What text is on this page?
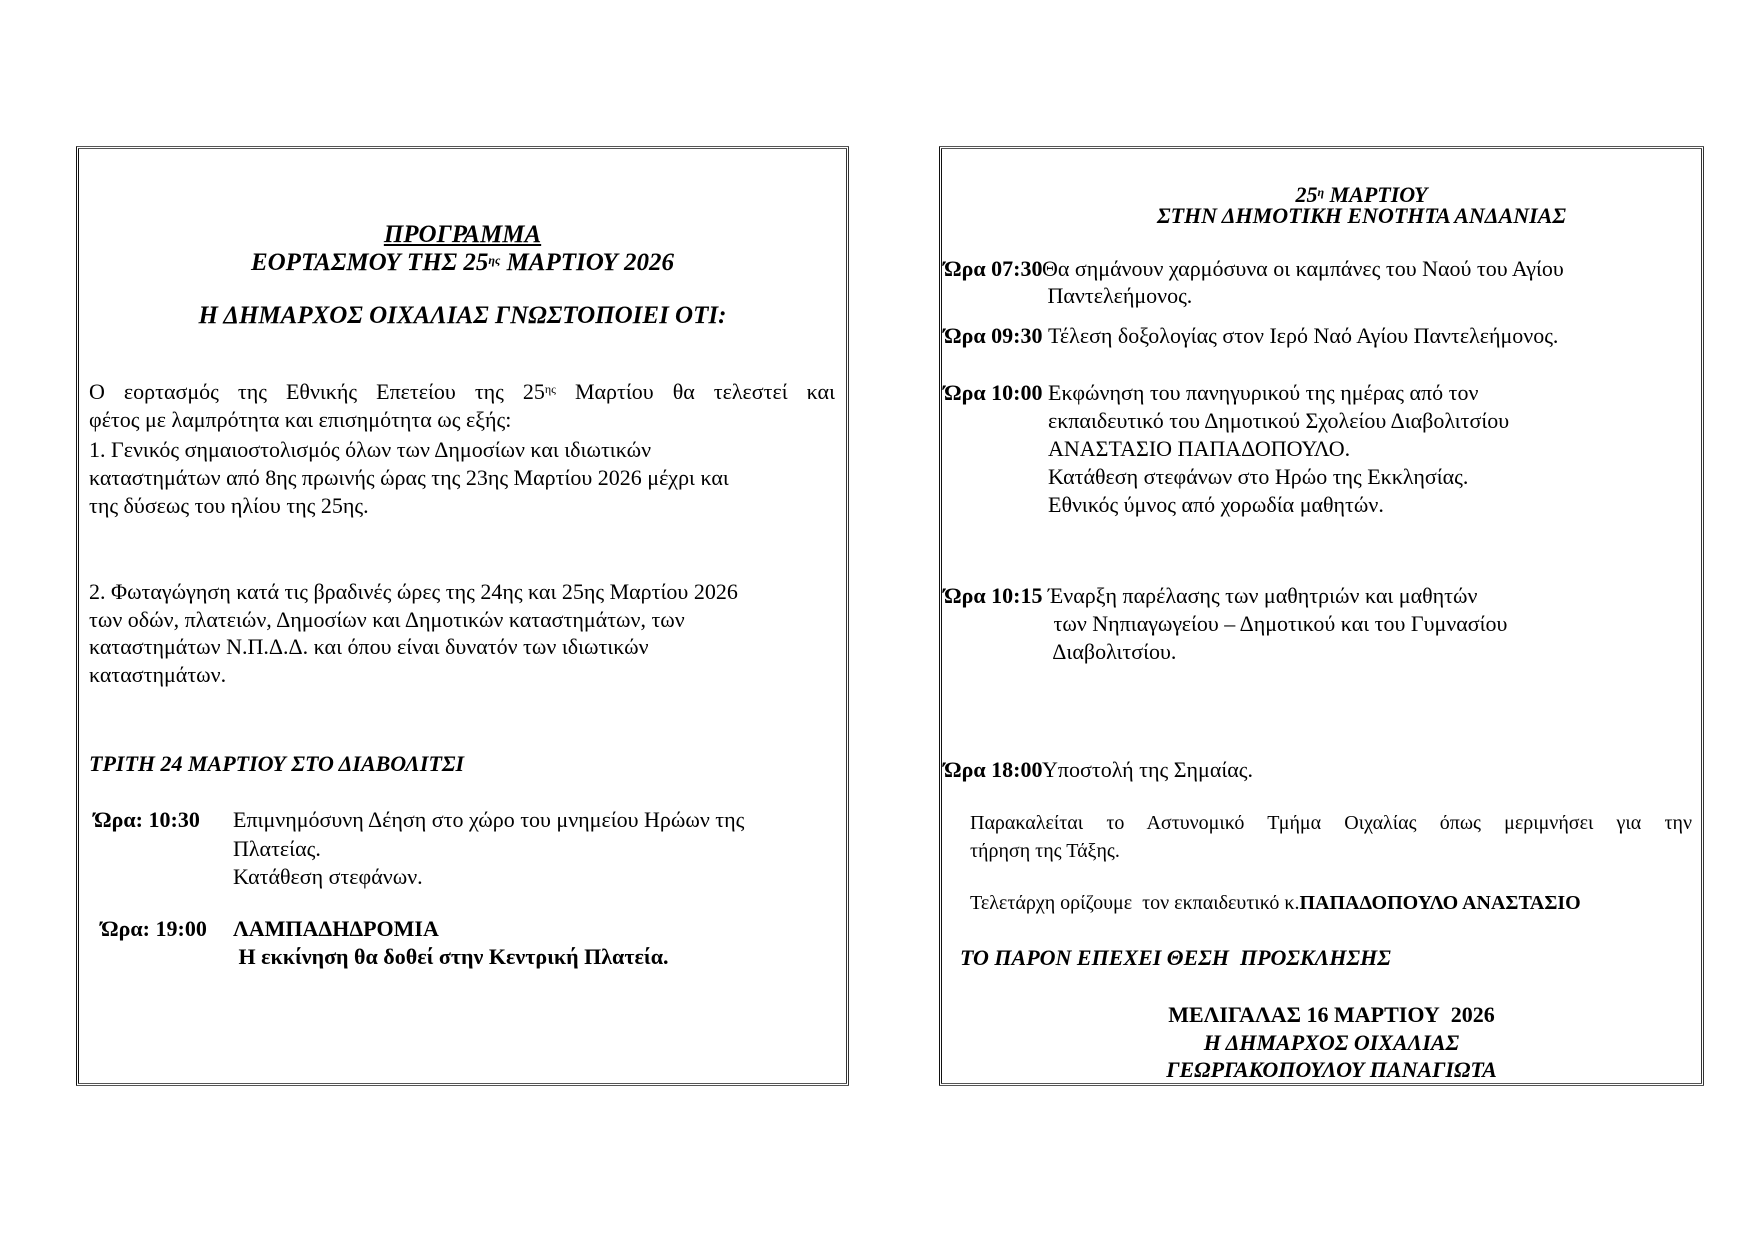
ΠΡΟΓΡΑΜΜΑ
ΕΟΡΤΑΣΜΟΥ ΤΗΣ $25^{\eta\varsigma}$ ΜΑΡΤΙΟΥ 2026
Η ΔΗΜΑΡΧΟΣ ΟΙΧΑΛΙΑΣ ΓΝΩΣΤΟΠΟΙΕΙ ΟΤΙ:
Ο εορτασμός της Εθνικής Επετείου της $25^{\eta\varsigma}$ Μαρτίου θα τελεστεί και
φέτος με λαμπρότητα και επισημότητα ως εξής:
1. Γενικός σημαιοστολισμός όλων των Δημοσίων και ιδιωτικών
καταστημάτων από 8ης πρωινής ώρας της 23ης Μαρτίου 2026 μέχρι και
της δύσεως του ηλίου της 25ης.
2. Φωταγώγηση κατά τις βραδινές ώρες της 24ης και 25ης Μαρτίου 2026
των οδών, πλατειών, Δημοσίων και Δημοτικών καταστημάτων, των
καταστημάτων Ν.Π.Δ.Δ. και όπου είναι δυνατόν των ιδιωτικών
καταστημάτων.
ΤΡΙΤΗ 24 ΜΑΡΤΙΟΥ ΣΤΟ ΔΙΑΒΟΛΙΤΣΙ
Ώρα: 10:30 Επιμνημόσυνη Δέηση στο χώρο του μνημείου Ηρώων της
Πλατείας.
Κατάθεση στεφάνων.
Ώρα: 19:00 ΛΑΜΠΑΔΗΔΡΟΜΙΑ
Η εκκίνηση θα δοθεί στην Κεντρική Πλατεία.
$25^\eta$ ΜΑΡΤΙΟΥ
ΣΤΗΝ ΔΗΜΟΤΙΚΗ ΕΝΟΤΗΤΑ ΑΝΔΑΝΙΑΣ
Ώρα 07:30 Θα σημάνουν χαρμόσυνα οι καμπάνες του Ναού του Αγίου
Παντελεήμονος.
Ώρα 09:30 Τέλεση δοξολογίας στον Ιερό Ναό Αγίου Παντελεήμονος.
Ώρα 10:00 Εκφώνηση του πανηγυρικού της ημέρας από τον
εκπαιδευτικό του Δημοτικού Σχολείου Διαβολιτσίου
ΑΝΑΣΤΑΣΙΟ ΠΑΠΑΔΟΠΟΥΛΟ.
Κατάθεση στεφάνων στο Ηρώο της Εκκλησίας.
Εθνικός ύμνος από χορωδία μαθητών.
Ώρα 10:15 Έναρξη παρέλασης των μαθητριών και μαθητών
των Νηπιαγωγείου – Δημοτικού και του Γυμνασίου
Διαβολιτσίου.
Ώρα 18:00 Υποστολή της Σημαίας.
Παρακαλείται το Αστυνομικό Τμήμα Οιχαλίας όπως μεριμνήσει για την
τήρηση της Τάξης.
Τελετάρχη ορίζουμε  τον εκπαιδευτικό κ.ΠΑΠΑΔΟΠΟΥΛΟ ΑΝΑΣΤΑΣΙΟ
ΤΟ ΠΑΡΟΝ ΕΠΕΧΕΙ ΘΕΣΗ  ΠΡΟΣΚΛΗΣΗΣ
ΜΕΛΙΓΑΛΑΣ 16 ΜΑΡΤΙΟΥ  2026
Η ΔΗΜΑΡΧΟΣ ΟΙΧΑΛΙΑΣ
ΓΕΩΡΓΑΚΟΠΟΥΛΟΥ ΠΑΝΑΓΙΩΤΑ
